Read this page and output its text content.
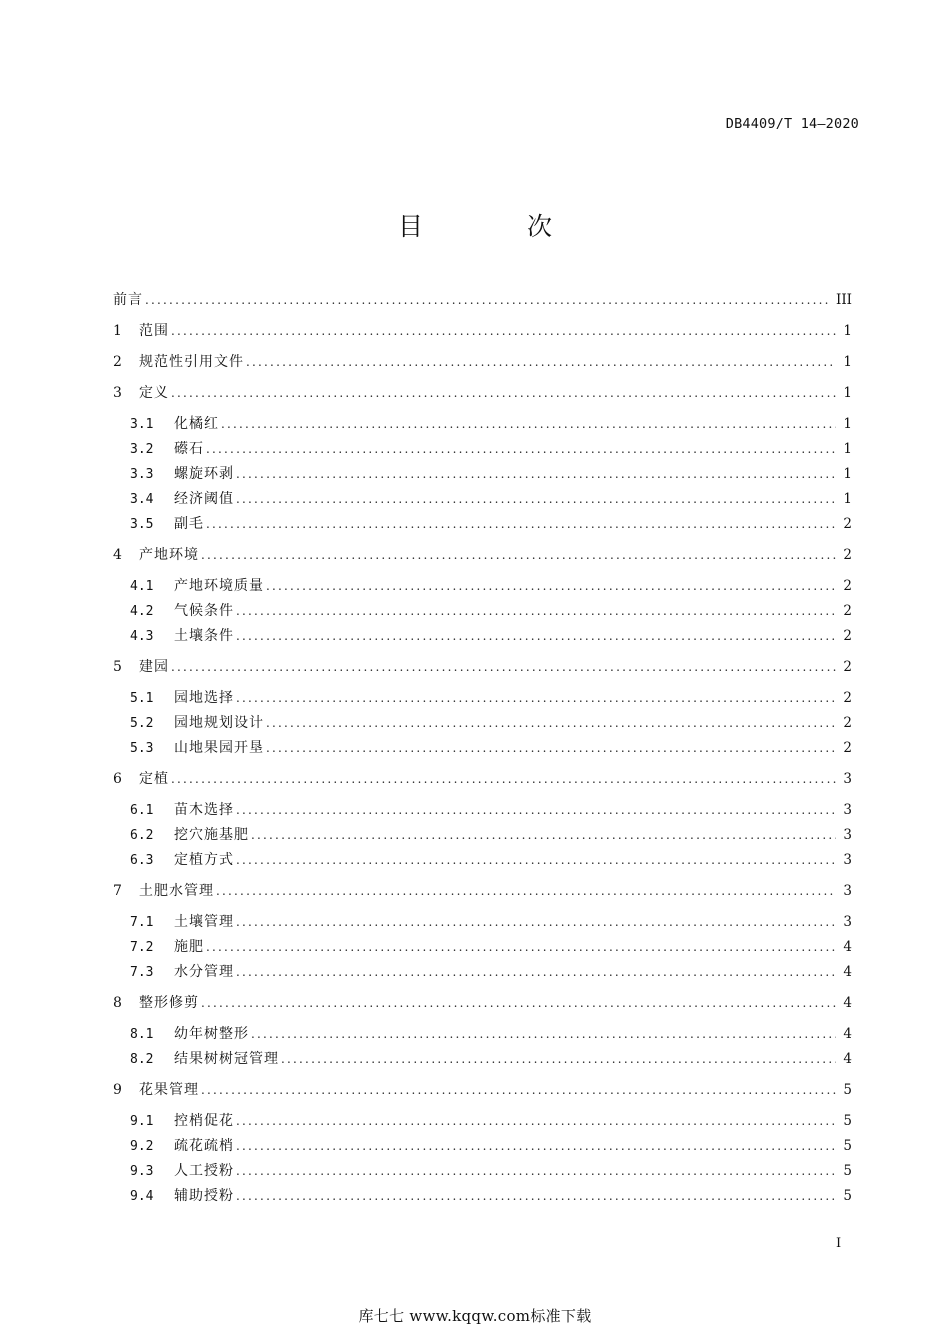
DB4409/T 14—2020
目 次
前言 .....	III
1	范围 .....	1
2	规范性引用文件 .....	1
3	定义 .....	1
3.1	化橘红 .....	1
3.2	礤石 .....	1
3.3	螺旋环剥 .....	1
3.4	经济阈值 .....	1
3.5	副毛 .....	2
4	产地环境 .....	2
4.1	产地环境质量 .....	2
4.2	气候条件 .....	2
4.3	土壤条件 .....	2
5	建园 .....	2
5.1	园地选择 .....	2
5.2	园地规划设计 .....	2
5.3	山地果园开垦 .....	2
6	定植 .....	3
6.1	苗木选择 .....	3
6.2	挖穴施基肥 .....	3
6.3	定植方式 .....	3
7	土肥水管理 .....	3
7.1	土壤管理 .....	3
7.2	施肥 .....	4
7.3	水分管理 .....	4
8	整形修剪 .....	4
8.1	幼年树整形 .....	4
8.2	结果树树冠管理 .....	4
9	花果管理 .....	5
9.1	控梢促花 .....	5
9.2	疏花疏梢 .....	5
9.3	人工授粉 .....	5
9.4	辅助授粉 .....	5
I
库七七 www.kqqw.com标准下载
